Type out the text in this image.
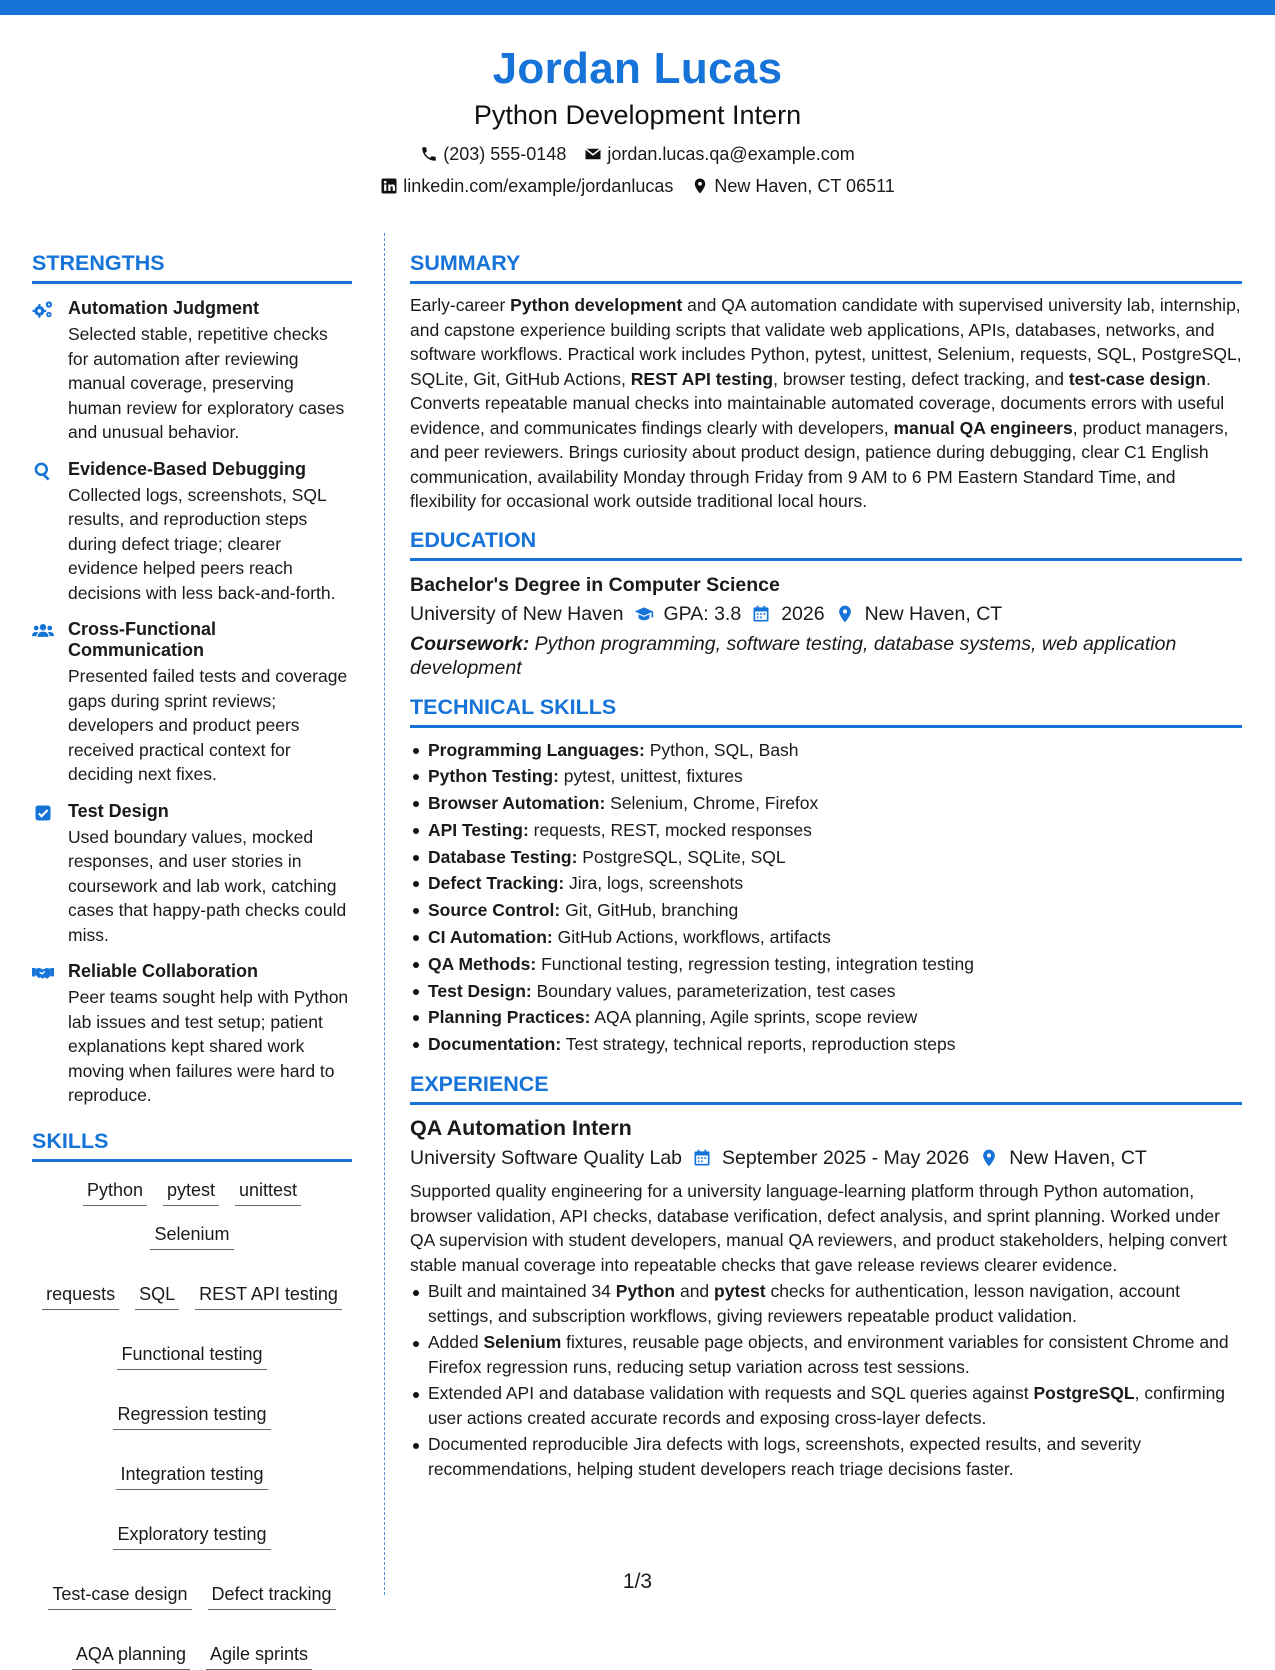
Jordan Lucas
Python Development Intern
(203) 555-0148 jordan.lucas.qa@example.com
linkedin.com/example/jordanlucas New Haven, CT 06511
STRENGTHS
Automation Judgment
Selected stable, repetitive checks for automation after reviewing manual coverage, preserving human review for exploratory cases and unusual behavior.
Evidence-Based Debugging
Collected logs, screenshots, SQL results, and reproduction steps during defect triage; clearer evidence helped peers reach decisions with less back-and-forth.
Cross-Functional Communication
Presented failed tests and coverage gaps during sprint reviews; developers and product peers received practical context for deciding next fixes.
Test Design
Used boundary values, mocked responses, and user stories in coursework and lab work, catching cases that happy-path checks could miss.
Reliable Collaboration
Peer teams sought help with Python lab issues and test setup; patient explanations kept shared work moving when failures were hard to reproduce.
SKILLS
Python pytest unittest
Selenium
requests SQL REST API testing
Functional testing
Regression testing
Integration testing
Exploratory testing
Test-case design Defect tracking
AQA planning Agile sprints
SUMMARY

Early-career Python development and QA automation candidate with supervised university lab, internship, and capstone experience building scripts that validate web applications, APIs, databases, networks, and software workflows. Practical work includes Python, pytest, unittest, Selenium, requests, SQL, PostgreSQL, SQLite, Git, GitHub Actions, REST API testing, browser testing, defect tracking, and test-case design. Converts repeatable manual checks into maintainable automated coverage, documents errors with useful evidence, and communicates findings clearly with developers, manual QA engineers, product managers, and peer reviewers. Brings curiosity about product design, patience during debugging, clear C1 English communication, availability Monday through Friday from 9 AM to 6 PM Eastern Standard Time, and flexibility for occasional work outside traditional local hours.

EDUCATION
Bachelor's Degree in Computer Science
University of New Haven GPA: 3.8 2026 New Haven, CT

Coursework: Python programming, software testing, database systems, web application development

TECHNICAL SKILLS
Programming Languages: Python, SQL, Bash
Python Testing: pytest, unittest, fixtures
Browser Automation: Selenium, Chrome, Firefox
API Testing: requests, REST, mocked responses
Database Testing: PostgreSQL, SQLite, SQL
Defect Tracking: Jira, logs, screenshots
Source Control: Git, GitHub, branching
CI Automation: GitHub Actions, workflows, artifacts
QA Methods: Functional testing, regression testing, integration testing
Test Design: Boundary values, parameterization, test cases
Planning Practices: AQA planning, Agile sprints, scope review
Documentation: Test strategy, technical reports, reproduction steps
EXPERIENCE
QA Automation Intern
University Software Quality Lab September 2025 - May 2026 New Haven, CT

Supported quality engineering for a university language-learning platform through Python automation, browser validation, API checks, database verification, defect analysis, and sprint planning. Worked under QA supervision with student developers, manual QA reviewers, and product stakeholders, helping convert stable manual coverage into repeatable checks that gave release reviews clearer evidence.

Built and maintained 34 Python and pytest checks for authentication, lesson navigation, account settings, and subscription workflows, giving reviewers repeatable product validation.
Added Selenium fixtures, reusable page objects, and environment variables for consistent Chrome and Firefox regression runs, reducing setup variation across test sessions.
Extended API and database validation with requests and SQL queries against PostgreSQL, confirming user actions created accurate records and exposing cross-layer defects.
Documented reproducible Jira defects with logs, screenshots, expected results, and severity recommendations, helping student developers reach triage decisions faster.
1/3
